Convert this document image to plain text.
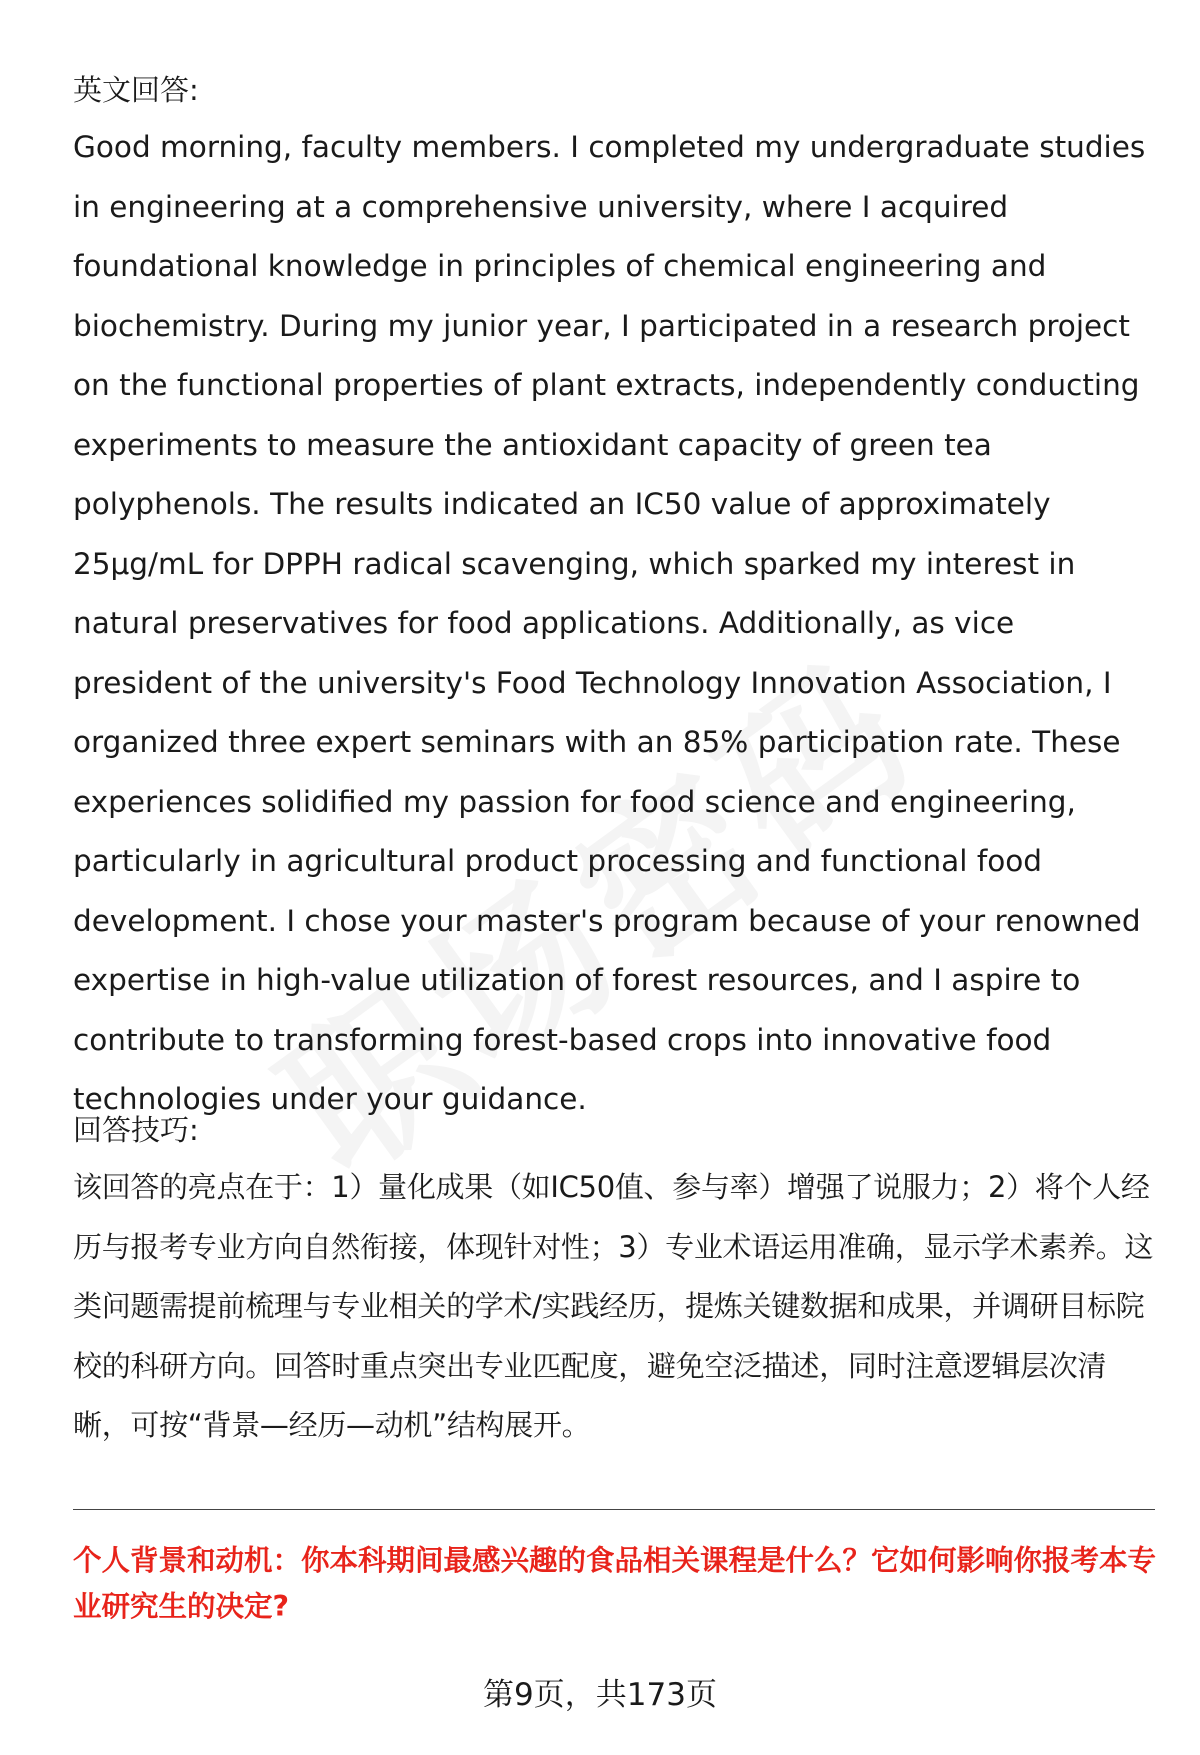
英文回答:

Good morning, faculty members. I completed my undergraduate studies in engineering at a comprehensive university, where I acquired foundational knowledge in principles of chemical engineering and biochemistry. During my junior year, I participated in a research project on the functional properties of plant extracts, independently conducting experiments to measure the antioxidant capacity of green tea polyphenols. The results indicated an IC50 value of approximately 25μg/mL for DPPH radical scavenging, which sparked my interest in natural preservatives for food applications. Additionally, as vice president of the university's Food Technology Innovation Association, I organized three expert seminars with an 85% participation rate. These experiences solidified my passion for food science and engineering, particularly in agricultural product processing and functional food development. I chose your master's program because of your renowned expertise in high-value utilization of forest resources, and I aspire to contribute to transforming forest-based crops into innovative food technologies under your guidance.

回答技巧:

该回答的亮点在于：1）量化成果（如IC50值、参与率）增强了说服力；2）将个人经历与报考专业方向自然衔接，体现针对性；3）专业术语运用准确，显示学术素养。这类问题需提前梳理与专业相关的学术/实践经历，提炼关键数据和成果，并调研目标院校的科研方向。回答时重点突出专业匹配度，避免空泛描述，同时注意逻辑层次清晰，可按“背景—经历—动机”结构展开。

个人背景和动机：你本科期间最感兴趣的食品相关课程是什么？它如何影响你报考本专业研究生的决定?

第9页，共173页
